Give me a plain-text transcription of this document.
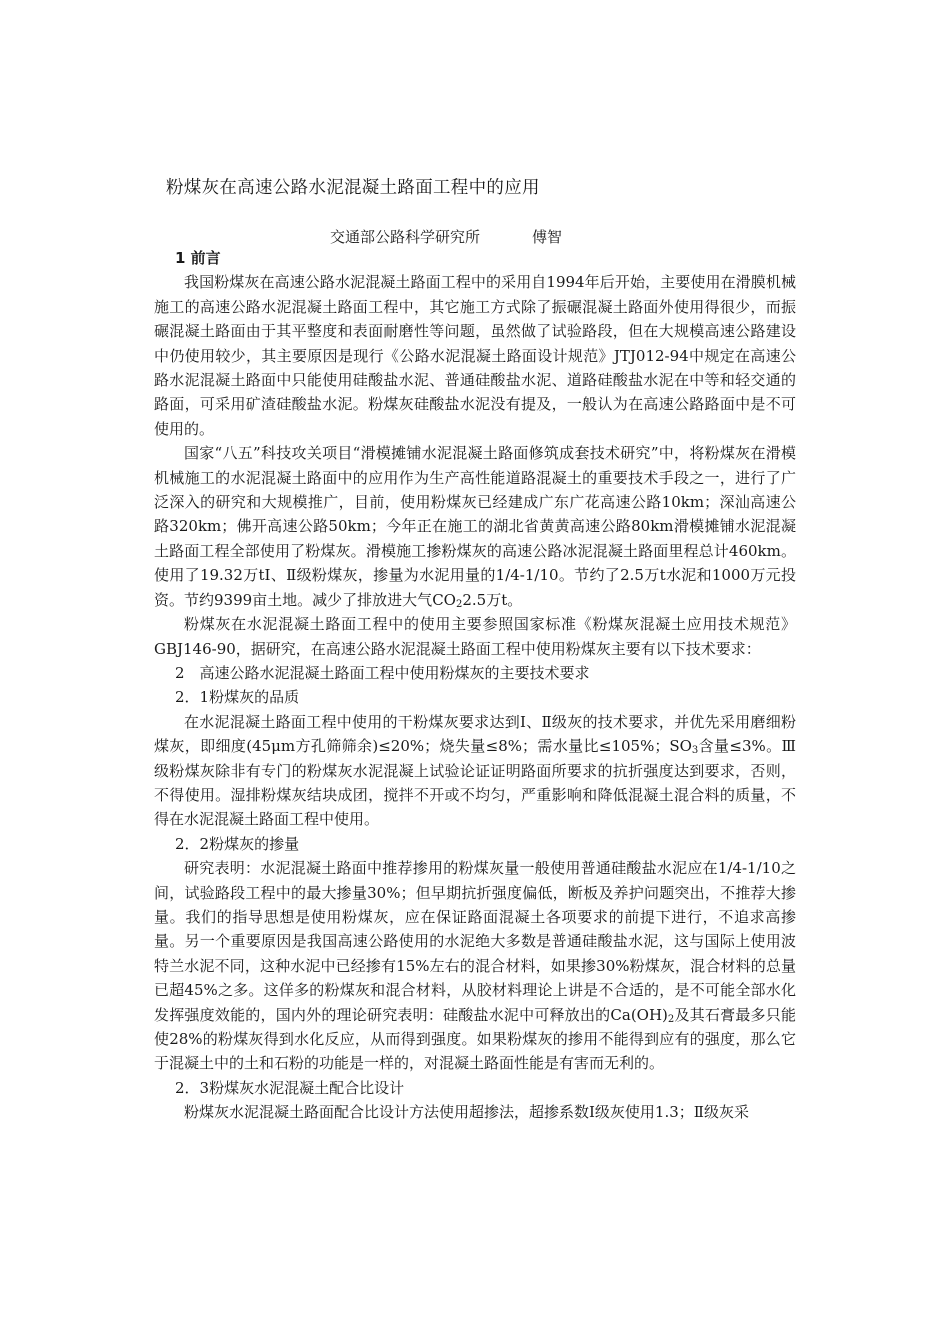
粉煤灰在高速公路水泥混凝土路面工程中的应用
交通部公路科学研究所	傅智

1 前言

我国粉煤灰在高速公路水泥混凝土路面工程中的采用自1994年后开始，主要使用在滑膜机械施工的高速公路水泥混凝土路面工程中，其它施工方式除了振碾混凝土路面外使用得很少，而振碾混凝土路面由于其平整度和表面耐磨性等问题，虽然做了试验路段，但在大规模高速公路建设中仍使用较少，其主要原因是现行《公路水泥混凝土路面设计规范》JTJ012-94中规定在高速公路水泥混凝土路面中只能使用硅酸盐水泥、普通硅酸盐水泥、道路硅酸盐水泥在中等和轻交通的路面，可采用矿渣硅酸盐水泥。粉煤灰硅酸盐水泥没有提及，一般认为在高速公路路面中是不可使用的。

国家“八五”科技攻关项目“滑模摊铺水泥混凝土路面修筑成套技术研究”中，将粉煤灰在滑模机械施工的水泥混凝土路面中的应用作为生产高性能道路混凝土的重要技术手段之一，进行了广泛深入的研究和大规模推广，目前，使用粉煤灰已经建成广东广花高速公路10km；深汕高速公路320km；佛开高速公路50km；今年正在施工的湖北省黄黄高速公路80km滑模摊铺水泥混凝土路面工程全部使用了粉煤灰。滑模施工掺粉煤灰的高速公路冰泥混凝土路面里程总计460km。使用了19.32万tI、Ⅱ级粉煤灰，掺量为水泥用量的1/4-1/10。节约了2.5万t水泥和1000万元投资。节约9399亩土地。减少了排放进大气$CO_22.5$万t。

粉煤灰在水泥混凝土路面工程中的使用主要参照国家标准《粉煤灰混凝土应用技术规范》GBJ146-90，据研究，在高速公路水泥混凝土路面工程中使用粉煤灰主要有以下技术要求：

2　高速公路水泥混凝土路面工程中使用粉煤灰的主要技术要求

2．1粉煤灰的品质

在水泥混凝土路面工程中使用的干粉煤灰要求达到I、Ⅱ级灰的技术要求，并优先采用磨细粉煤灰，即细度(45μm方孔筛筛余)≤20%；烧失量≤8%；需水量比≤105%；$SO_3$含量≤3%。Ⅲ级粉煤灰除非有专门的粉煤灰水泥混凝上试验论证证明路面所要求的抗折强度达到要求，否则，不得使用。湿排粉煤灰结块成团，搅拌不开或不均匀，严重影响和降低混凝土混合料的质量，不得在水泥混凝土路面工程中使用。

2．2粉煤灰的掺量

研究表明：水泥混凝土路面中推荐掺用的粉煤灰量一般使用普通硅酸盐水泥应在1/4-1/10之间，试验路段工程中的最大掺量30%；但早期抗折强度偏低，断板及养护问题突出，不推荐大掺量。我们的指导思想是使用粉煤灰，应在保证路面混凝土各项要求的前提下进行，不追求高掺量。另一个重要原因是我国高速公路使用的水泥绝大多数是普通硅酸盐水泥，这与国际上使用波特兰水泥不同，这种水泥中已经掺有15%左右的混合材料，如果掺30%粉煤灰，混合材料的总量已超45%之多。这佯多的粉煤灰和混合材料，从胶材料理论上讲是不合适的，是不可能全部水化发挥强度效能的，国内外的理论研究表明：硅酸盐水泥中可释放出的$Ca(OH)_2$及其石膏最多只能使28%的粉煤灰得到水化反应，从而得到强度。如果粉煤灰的掺用不能得到应有的强度，那么它于混凝土中的土和石粉的功能是一样的，对混凝土路面性能是有害而无利的。

2．3粉煤灰水泥混凝土配合比设计

粉煤灰水泥混凝土路面配合比设计方法使用超掺法，超掺系数I级灰使用1.3；Ⅱ级灰采
